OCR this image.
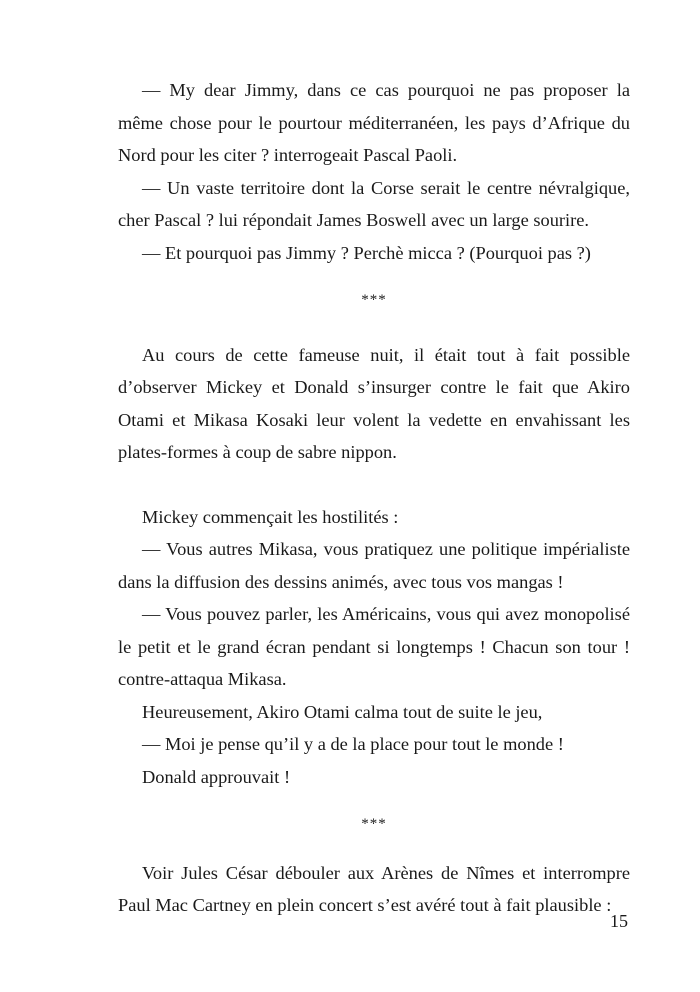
— My dear Jimmy, dans ce cas pourquoi ne pas proposer la même chose pour le pourtour méditerranéen, les pays d’Afrique du Nord pour les citer ? interrogeait Pascal Paoli.

— Un vaste territoire dont la Corse serait le centre névralgique, cher Pascal ? lui répondait James Boswell avec un large sourire.

— Et pourquoi pas Jimmy ? Perchè micca ? (Pourquoi pas ?)

***

Au cours de cette fameuse nuit, il était tout à fait possible d’observer Mickey et Donald s’insurger contre le fait que Akiro Otami et Mikasa Kosaki leur volent la vedette en envahissant les plates-formes à coup de sabre nippon.

Mickey commençait les hostilités :

— Vous autres Mikasa, vous pratiquez une politique impérialiste dans la diffusion des dessins animés, avec tous vos mangas !

— Vous pouvez parler, les Américains, vous qui avez monopolisé le petit et le grand écran pendant si longtemps ! Chacun son tour ! contre-attaqua Mikasa.

Heureusement, Akiro Otami calma tout de suite le jeu,

— Moi je pense qu’il y a de la place pour tout le monde !

Donald approuvait !

***

Voir Jules César débouler aux Arènes de Nîmes et interrompre Paul Mac Cartney en plein concert s’est avéré tout à fait plausible :

15
